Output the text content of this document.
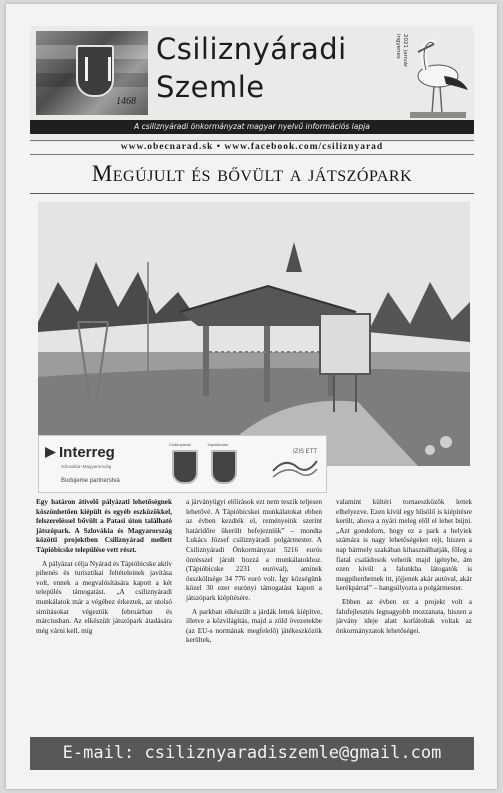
1468
Csiliznyáradi
Szemle
2021 január ingyenes
A csiliznyáradi önkormányzat magyar nyelvű információs lapja
www.obecnarad.sk • www.facebook.com/csiliznyarad
Megújult és bővült a játszópark
Interreg
Szlovákia–Magyarország
Budujeme partnerstvá
Csiliznyárad	Tápióbicske
IZIS ETT

Egy határon átívelő pályázati lehetőségnek köszönhetően kiépült és egyéb eszközökkel, felszereléssel bővült a Patasi úton található játszópark. A Szlovákia és Magyarország közötti projektben Csiliznyárad mellett Tápióbicske települése vett részt.

A pályázat célja Nyárad és Tápióbicske aktív pihenés és turisztikai feltételeinek javítása volt, ennek a megvalósítására kapott a két település támogatást. „A csiliznyáradi munkálatok már a végéhez érkeztek, az utolsó simításokat végeztük februárban és márciusban. Az elkészült játszópark átadására még várni kell, míg

a járványügyi előírások ezt nem teszik teljesen lehetővé. A Tápióbicskei munkálatokat ebben az évben kezdték el, reményeink szerint határidőre ükerült befejezniük” – mondta Lukács József csiliznyáradi polgármester. A Csiliznyáradi Önkormányzat 5216 eurós önrésszel járult hozzá a munkálatokhoz. (Tápióbicske 2231 euróval), aminek összköltsége 34 776 euró volt. Így községünk közel 30 ezer eurónyi támogatást kapott a játszópark kiépítésére.

A parkban elkészült a járdák lettek kiépítve, illetve a közvilágítás, majd a zöld övezetekbe (az EU-s normának megfelelő) játékeszközök kerültek,

valamint kültéri tornaeszközök lettek elhelyezve. Ezen kívül egy hűsölő is kiépítésre került, ahova a nyári meleg elől el lehet bújni. „Azt gondolom, hogy ez a park a helyiek számára is nagy lehetőségeket rejt, hiszen a nap bármely szakában kihasználhatják, főleg a fiatal családosok vehetik majd igénybe, ám ezen kívül a falunkba látogatók is megpihenhetnek itt, jöjjenek akár autóval, akár kerékpárral” – hangsúlyozta a polgármester.

Ebben az évben ez a projekt volt a falufejlesztés legnagyobb mozzanata, hiszen a járvány ideje alatt korlátoltak voltak az önkormányzatok lehetőségei.

E-mail: csiliznyaradiszemle@gmail.com
